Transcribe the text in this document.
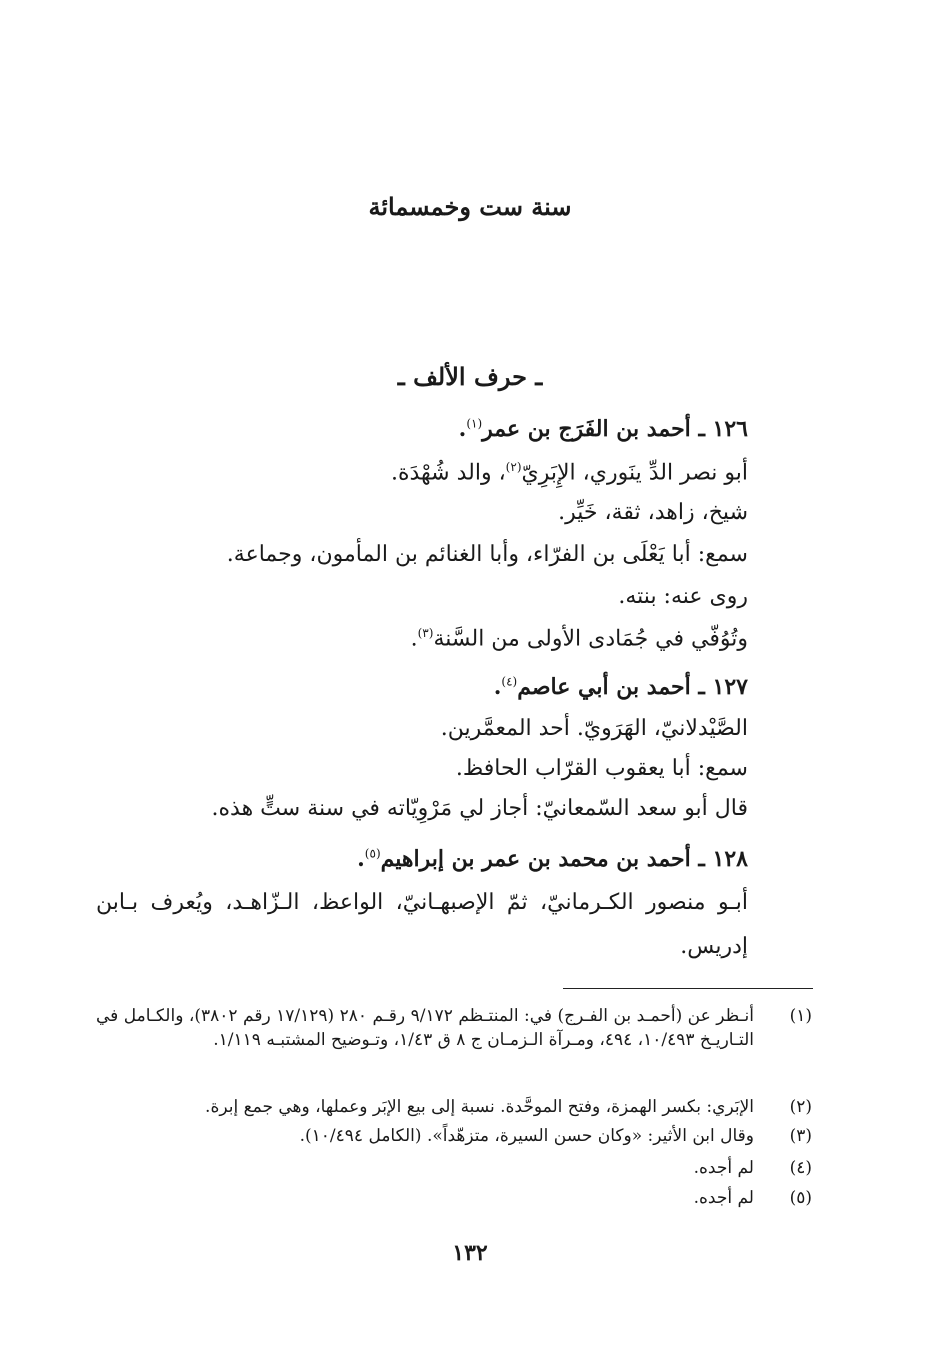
سنة ست وخمسمائة
ـ حرف الألف ـ
١٢٦ ـ أحمد بن الفَرَج بن عمر$^{(١)}$.
أبو نصر الدِّ ينَوري، الإِبَرِيّ$^{(٢)}$، والد شُهْدَة.
شيخ، زاهد، ثقة، خَيِّر.
سمع: أبا يَعْلَى بن الفرّاء، وأبا الغنائم بن المأمون، وجماعة.
روى عنه: بنته.
وتُوُفّي في جُمَادى الأولى من السَّنة$^{(٣)}$.
١٢٧ ـ أحمد بن أبي عاصم$^{(٤)}$.
الصَّيْدلانيّ، الهَرَويّ. أحد المعمَّرين.
سمع: أبا يعقوب القرّاب الحافظ.
قال أبو سعد السّمعانيّ: أجاز لي مَرْوِيّاته في سنة ستٍّ هذه.
١٢٨ ـ أحمد بن محمد بن عمر بن إبراهيم$^{(٥)}$.
أبـو منصور الكـرمانيّ، ثمّ الإصبهـانيّ، الواعظ، الـزّاهـد، ويُعرف بـابن
إدريس.
(١)
أنـظر عن (أحمـد بن الفـرج) في: المنتـظم ٩/١٧٢ رقـم ٢٨٠ (١٧/١٢٩ رقم ٣٨٠٢)، والكـامل في التـاريـخ ١٠/٤٩٣، ٤٩٤، ومـرآة الـزمـان ج ٨ ق ١/٤٣، وتـوضيح المشتبـه ١/١١٩.
(٢)
الإبَري: بكسر الهمزة، وفتح الموحَّدة. نسبة إلى بيع الإبَر وعملها، وهي جمع إبرة.
(٣)
وقال ابن الأثير: «وكان حسن السيرة، متزهّداً». (الكامل ١٠/٤٩٤).
(٤)
لم أجده.
(٥)
لم أجده.
١٣٢
